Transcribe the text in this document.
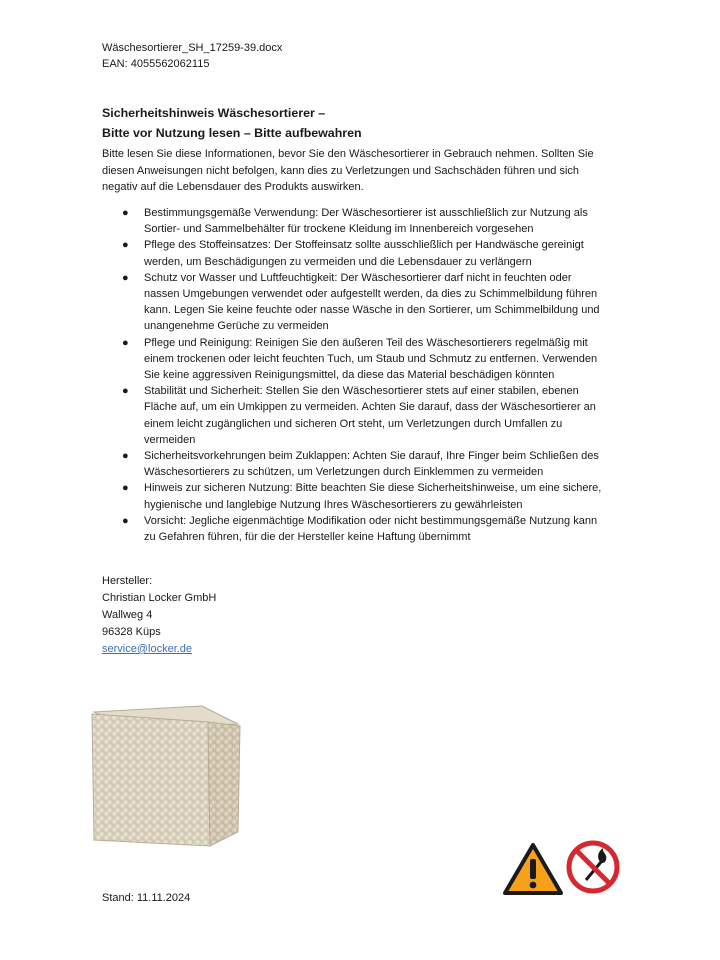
Wäschesortierer_SH_17259-39.docx
EAN: 4055562062115
Sicherheitshinweis Wäschesortierer –
Bitte vor Nutzung lesen – Bitte aufbewahren
Bitte lesen Sie diese Informationen, bevor Sie den Wäschesortierer in Gebrauch nehmen. Sollten Sie
diesen Anweisungen nicht befolgen, kann dies zu Verletzungen und Sachschäden führen und sich
negativ auf die Lebensdauer des Produkts auswirken.
● Bestimmungsgemäße Verwendung: Der Wäschesortierer ist ausschließlich zur Nutzung als
Sortier- und Sammelbehälter für trockene Kleidung im Innenbereich vorgesehen
● Pflege des Stoffeinsatzes: Der Stoffeinsatz sollte ausschließlich per Handwäsche gereinigt
werden, um Beschädigungen zu vermeiden und die Lebensdauer zu verlängern
● Schutz vor Wasser und Luftfeuchtigkeit: Der Wäschesortierer darf nicht in feuchten oder
nassen Umgebungen verwendet oder aufgestellt werden, da dies zu Schimmelbildung führen
kann. Legen Sie keine feuchte oder nasse Wäsche in den Sortierer, um Schimmelbildung und
unangenehme Gerüche zu vermeiden
● Pflege und Reinigung: Reinigen Sie den äußeren Teil des Wäschesortierers regelmäßig mit
einem trockenen oder leicht feuchten Tuch, um Staub und Schmutz zu entfernen. Verwenden
Sie keine aggressiven Reinigungsmittel, da diese das Material beschädigen könnten
● Stabilität und Sicherheit: Stellen Sie den Wäschesortierer stets auf einer stabilen, ebenen
Fläche auf, um ein Umkippen zu vermeiden. Achten Sie darauf, dass der Wäschesortierer an
einem leicht zugänglichen und sicheren Ort steht, um Verletzungen durch Umfallen zu
vermeiden
● Sicherheitsvorkehrungen beim Zuklappen: Achten Sie darauf, Ihre Finger beim Schließen des
Wäschesortierers zu schützen, um Verletzungen durch Einklemmen zu vermeiden
● Hinweis zur sicheren Nutzung: Bitte beachten Sie diese Sicherheitshinweise, um eine sichere,
hygienische und langlebige Nutzung Ihres Wäschesortierers zu gewährleisten
● Vorsicht: Jegliche eigenmächtige Modifikation oder nicht bestimmungsgemäße Nutzung kann
zu Gefahren führen, für die der Hersteller keine Haftung übernimmt
Hersteller:
Christian Locker GmbH
Wallweg 4
96328 Küps
service@locker.de
Stand: 11.11.2024
